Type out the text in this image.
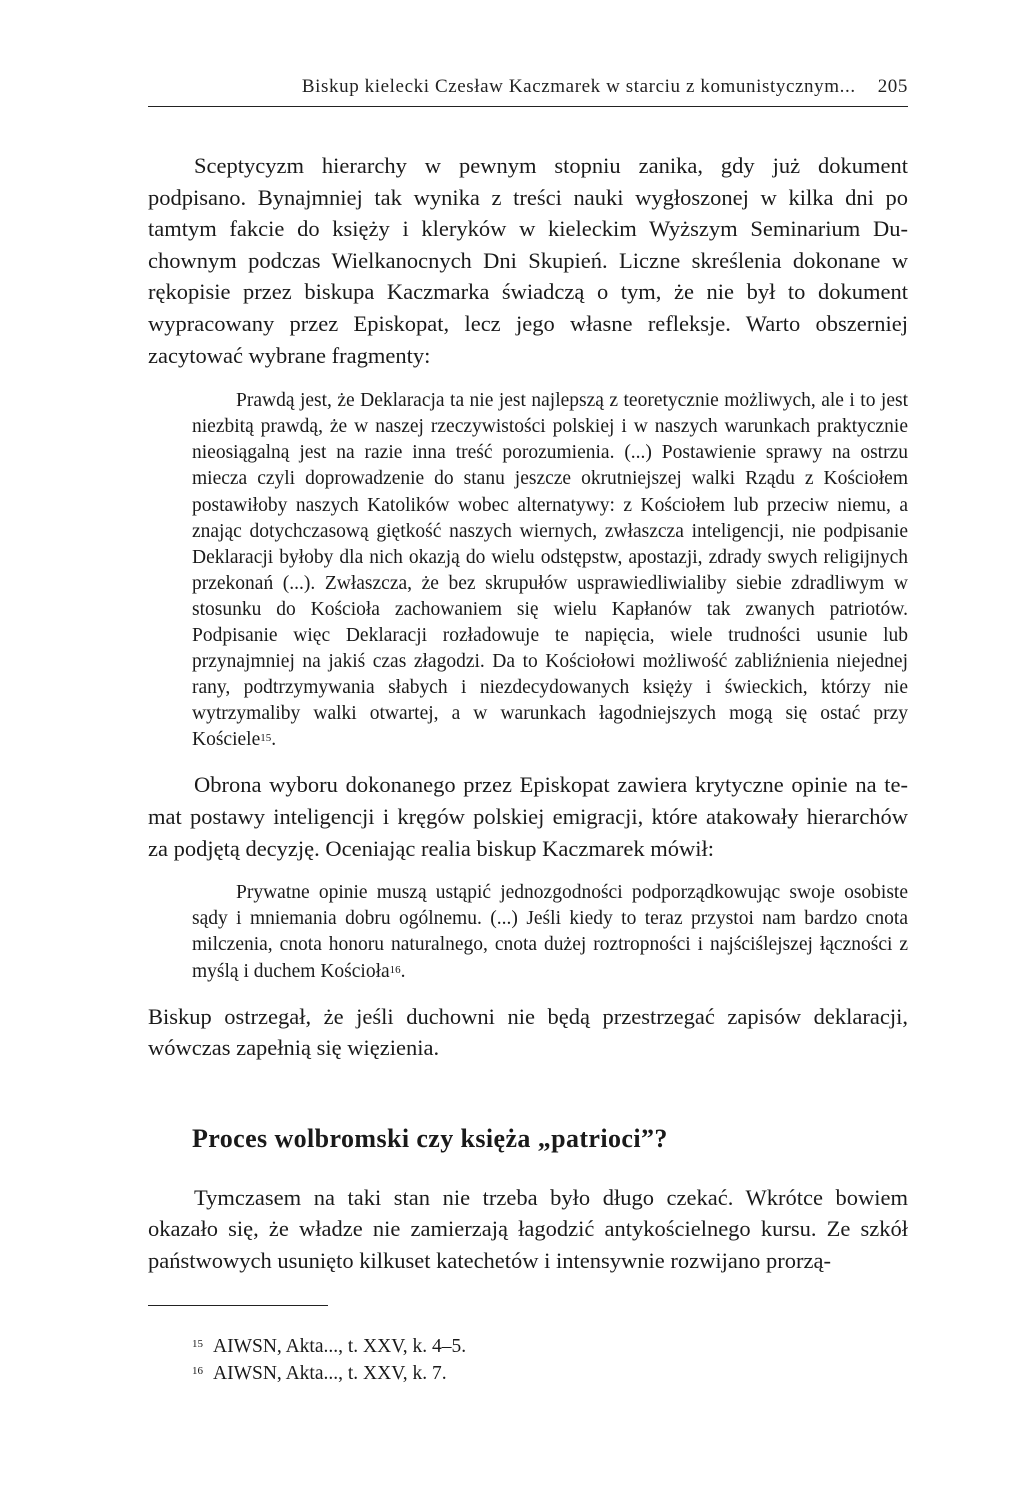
Biskup kielecki Czesław Kaczmarek w starciu z komunistycznym... 205

Sceptycyzm hierarchy w pewnym stopniu zanika, gdy już dokument podpisano. Bynajmniej tak wynika z treści nauki wygłoszonej w kilka dni po tamtym fakcie do księży i kleryków w kieleckim Wyższym Seminarium Duchownym podczas Wielkanocnych Dni Skupień. Liczne skreślenia dokonane w rękopisie przez biskupa Kaczmarka świadczą o tym, że nie był to dokument wypracowany przez Episkopat, lecz jego własne refleksje. Warto obszerniej zacytować wybrane fragmenty:

Prawdą jest, że Deklaracja ta nie jest najlepszą z teoretycznie możliwych, ale i to jest niezbitą prawdą, że w naszej rzeczywistości polskiej i w naszych warunkach praktycznie nieosiągalną jest na razie inna treść porozumienia. (...) Postawienie sprawy na ostrzu miecza czyli doprowadzenie do stanu jeszcze okrutniejszej walki Rządu z Kościołem postawiłoby naszych Katolików wobec alternatywy: z Kościołem lub przeciw niemu, a znając dotychczasową giętkość naszych wiernych, zwłaszcza inteligencji, nie podpisanie Deklaracji byłoby dla nich okazją do wielu odstępstw, apostazji, zdrady swych religijnych przekonań (...). Zwłaszcza, że bez skrupułów usprawiedliwialiby siebie zdradliwym w stosunku do Kościoła zachowaniem się wielu Kapłanów tak zwanych patriotów. Podpisanie więc Deklaracji rozładowuje te napięcia, wiele trudności usunie lub przynajmniej na jakiś czas złagodzi. Da to Kościołowi możliwość zabliźnienia niejednej rany, podtrzymywania słabych i niezdecydowanych księży i świeckich, którzy nie wytrzymaliby walki otwartej, a w warunkach łagodniejszych mogą się ostać przy Kościele$^{15}$.

Obrona wyboru dokonanego przez Episkopat zawiera krytyczne opinie na temat postawy inteligencji i kręgów polskiej emigracji, które atakowały hierarchów za podjętą decyzję. Oceniając realia biskup Kaczmarek mówił:

Prywatne opinie muszą ustąpić jednozgodności podporządkowując swoje osobiste sądy i mniemania dobru ogólnemu. (...) Jeśli kiedy to teraz przystoi nam bardzo cnota milczenia, cnota honoru naturalnego, cnota dużej roztropności i najściślejszej łączności z myślą i duchem Kościoła$^{16}$.

Biskup ostrzegał, że jeśli duchowni nie będą przestrzegać zapisów deklaracji, wówczas zapełnią się więzienia.

Proces wolbromski czy księża „patrioci”?

Tymczasem na taki stan nie trzeba było długo czekać. Wkrótce bowiem okazało się, że władze nie zamierzają łagodzić antykościelnego kursu. Ze szkół państwowych usunięto kilkuset katechetów i intensywnie rozwijano prorzą-

$^{15}$ AIWSN, Akta..., t. XXV, k. 4–5.
$^{16}$ AIWSN, Akta..., t. XXV, k. 7.
